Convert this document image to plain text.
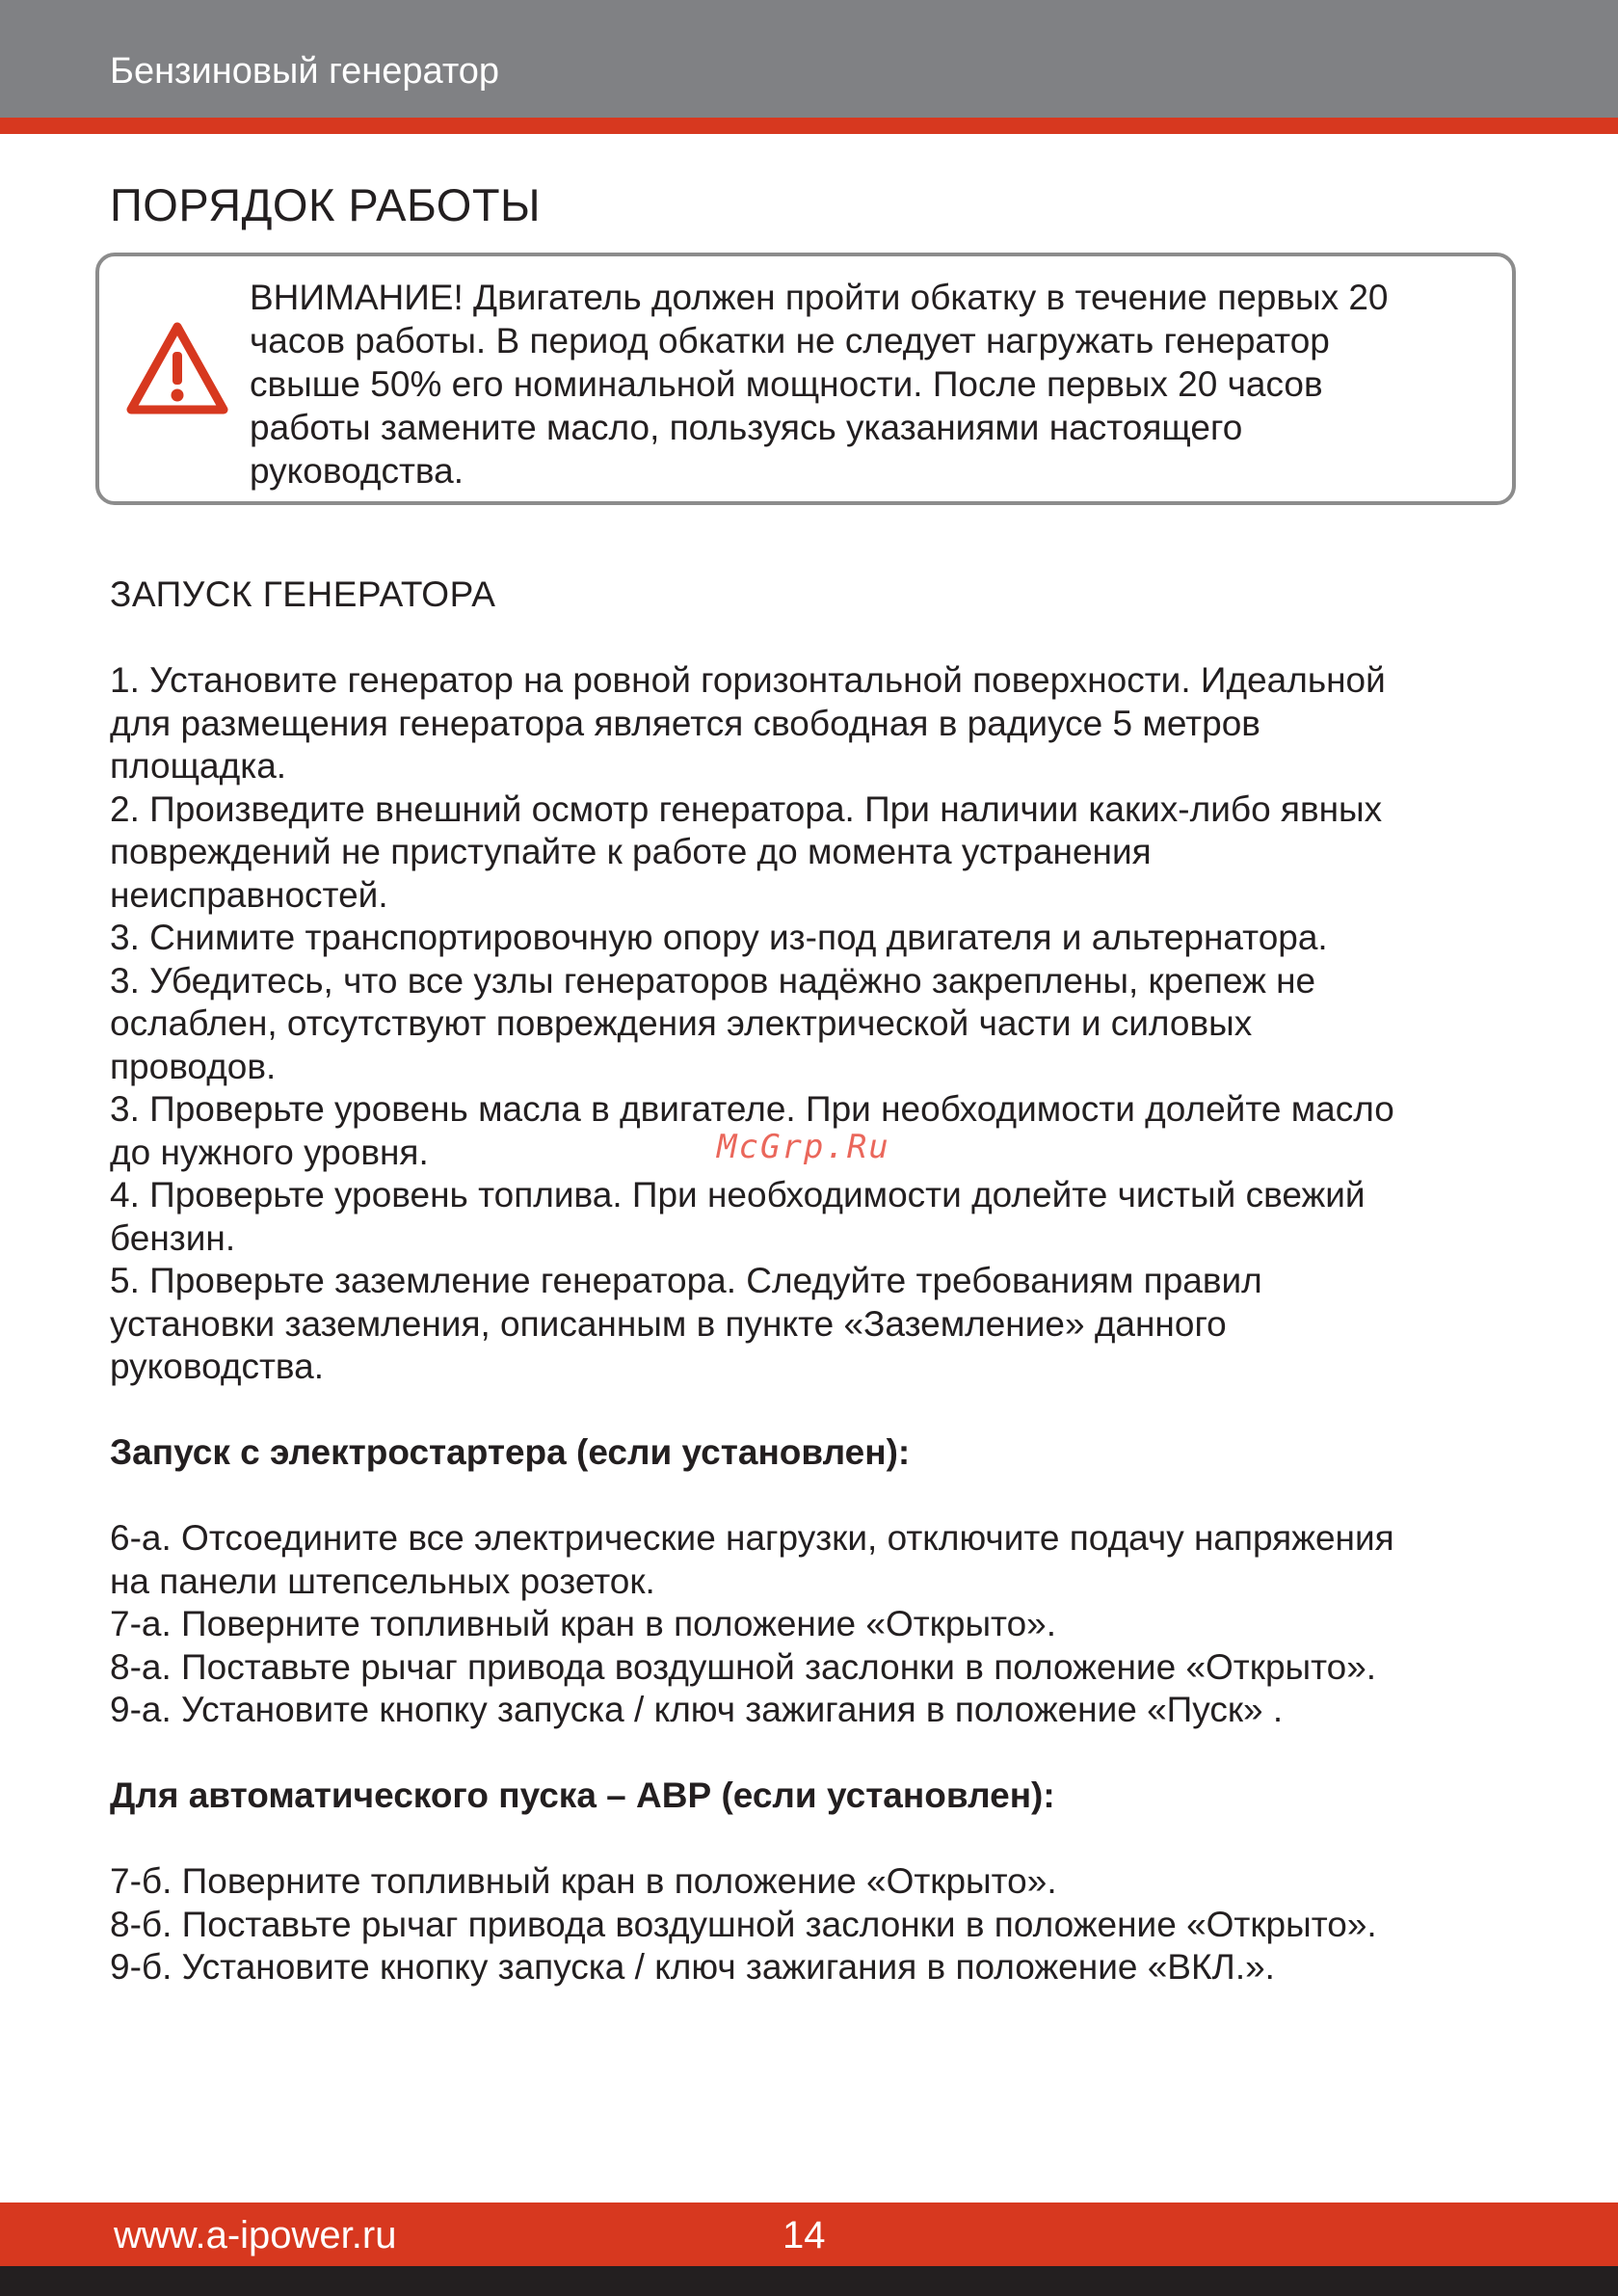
Бензиновый генератор
ПОРЯДОК РАБОТЫ
ВНИМАНИЕ! Двигатель должен пройти обкатку в течение первых 20
часов работы. В период обкатки не следует нагружать генератор
свыше 50% его номинальной мощности. После первых 20 часов
работы замените масло, пользуясь указаниями настоящего
руководства.

ЗАПУСК ГЕНЕРАТОРА

1. Установите генератор на ровной горизонтальной поверхности. Идеальной

для размещения генератора является свободная в радиусе 5 метров

площадка.

2. Произведите внешний осмотр генератора. При наличии каких-либо явных

повреждений не приступайте к работе до момента устранения

неисправностей.

3. Снимите транспортировочную опору из-под двигателя и альтернатора.

3. Убедитесь, что все узлы генераторов надёжно закреплены, крепеж не

ослаблен, отсутствуют повреждения электрической части и силовых

проводов.

3. Проверьте уровень масла в двигателе. При необходимости долейте масло

до нужного уровня.

4. Проверьте уровень топлива. При необходимости долейте чистый свежий

бензин.

5. Проверьте заземление генератора. Следуйте требованиям правил

установки заземления, описанным в пункте «Заземление» данного

руководства.

Запуск с электростартера (если установлен):

6-а. Отсоедините все электрические нагрузки, отключите подачу напряжения

на панели штепсельных розеток.

7-а. Поверните топливный кран в положение «Открыто».

8-а. Поставьте рычаг привода воздушной заслонки в положение «Открыто».

9-а. Установите кнопку запуска / ключ зажигания в положение «Пуск» .

Для автоматического пуска – АВР (если установлен):

7-б. Поверните топливный кран в положение «Открыто».

8-б. Поставьте рычаг привода воздушной заслонки в положение «Открыто».

9-б. Установите кнопку запуска / ключ зажигания в положение «ВКЛ.».

McGrp.Ru
www.a-ipower.ru	14
